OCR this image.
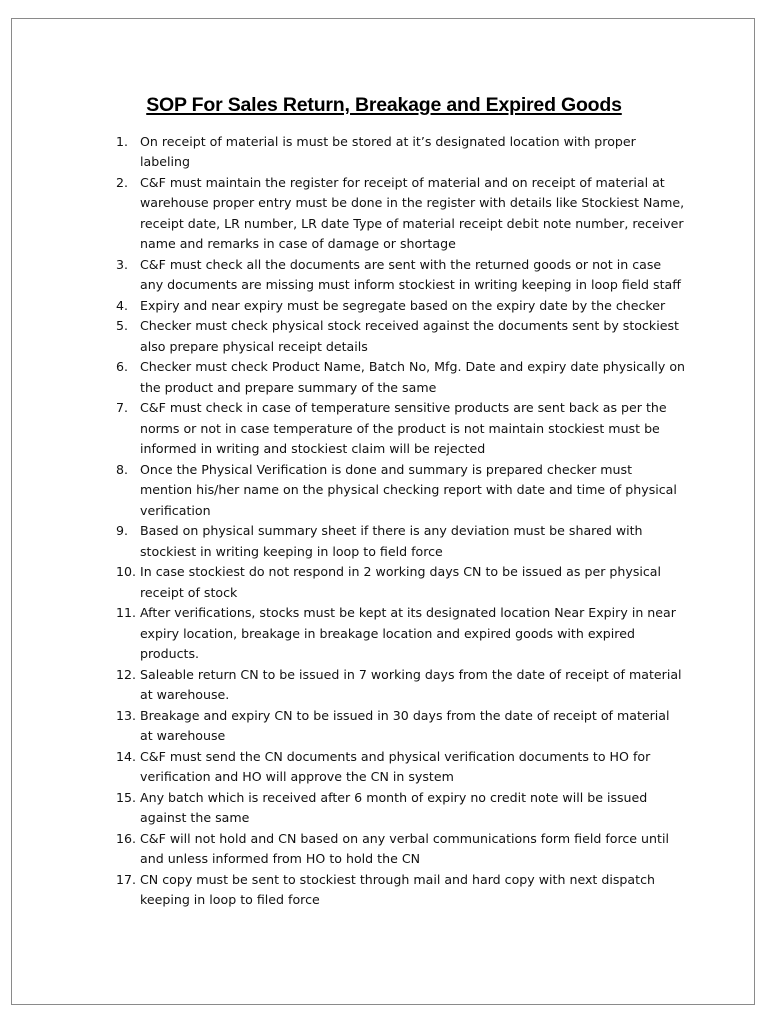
SOP For Sales Return, Breakage and Expired Goods
1. On receipt of material is must be stored at it’s designated location with proper labeling
2. C&F must maintain the register for receipt of material and on receipt of material at warehouse proper entry must be done in the register with details like Stockiest Name, receipt date, LR number, LR date Type of material receipt debit note number, receiver name and remarks in case of damage or shortage
3. C&F must check all the documents are sent with the returned goods or not in case any documents are missing must inform stockiest in writing keeping in loop field staff
4. Expiry and near expiry must be segregate based on the expiry date by the checker
5. Checker must check physical stock received against the documents sent by stockiest also prepare physical receipt details
6. Checker must check Product Name, Batch No, Mfg. Date and expiry date physically on the product and prepare summary of the same
7. C&F must check in case of temperature sensitive products are sent back as per the norms or not in case temperature of the product is not maintain stockiest must be informed in writing and stockiest claim will be rejected
8. Once the Physical Verification is done and summary is prepared checker must mention his/her name on the physical checking report with date and time of physical verification
9. Based on physical summary sheet if there is any deviation must be shared with stockiest in writing keeping in loop to field force
10. In case stockiest do not respond in 2 working days CN to be issued as per physical receipt of stock
11. After verifications, stocks must be kept at its designated location Near Expiry in near expiry location, breakage in breakage location and expired goods with expired products.
12. Saleable return CN to be issued in 7 working days from the date of receipt of material at warehouse.
13. Breakage and expiry CN to be issued in 30 days from the date of receipt of material at warehouse
14. C&F must send the CN documents and physical verification documents to HO for verification and HO will approve the CN in system
15. Any batch which is received after 6 month of expiry no credit note will be issued against the same
16. C&F will not hold and CN based on any verbal communications form field force until and unless informed from HO to hold the CN
17. CN copy must be sent to stockiest through mail and hard copy with next dispatch keeping in loop to filed force
